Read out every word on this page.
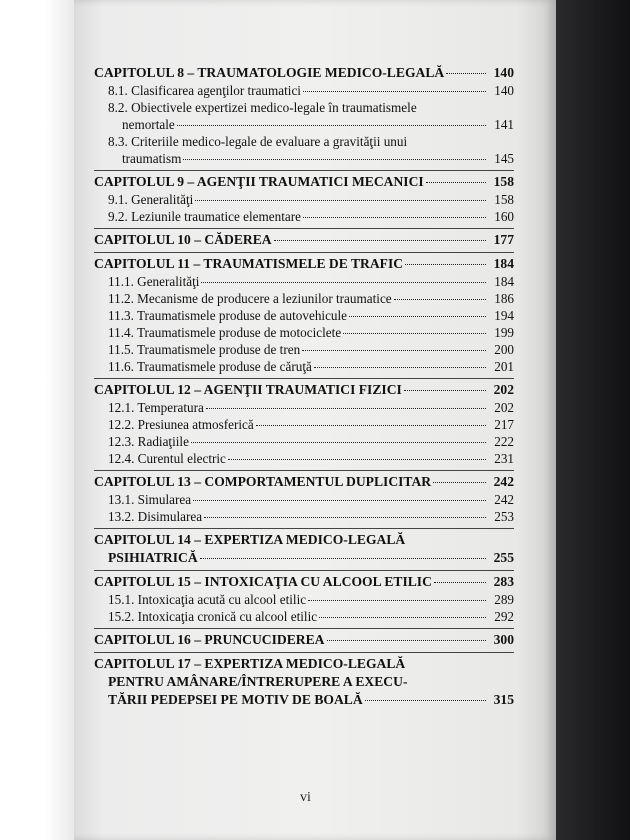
CAPITOLUL 8 – TRAUMATOLOGIE MEDICO-LEGALĂ	140
8.1. Clasificarea agenţilor traumatici	140
8.2. Obiectivele expertizei medico-legale în traumatismele
nemortale	141
8.3. Criteriile medico-legale de evaluare a gravităţii unui
traumatism	145
CAPITOLUL 9 – AGENŢII TRAUMATICI MECANICI	158
9.1. Generalităţi	158
9.2. Leziunile traumatice elementare	160
CAPITOLUL 10 – CĂDEREA	177
CAPITOLUL 11 – TRAUMATISMELE DE TRAFIC	184
11.1. Generalităţi	184
11.2. Mecanisme de producere a leziunilor traumatice	186
11.3. Traumatismele produse de autovehicule	194
11.4. Traumatismele produse de motociclete	199
11.5. Traumatismele produse de tren	200
11.6. Traumatismele produse de căruţă	201
CAPITOLUL 12 – AGENŢII TRAUMATICI FIZICI	202
12.1. Temperatura	202
12.2. Presiunea atmosferică	217
12.3. Radiaţiile	222
12.4. Curentul electric	231
CAPITOLUL 13 – COMPORTAMENTUL DUPLICITAR	242
13.1. Simularea	242
13.2. Disimularea	253
CAPITOLUL 14 – EXPERTIZA MEDICO-LEGALĂ
PSIHIATRICĂ	255
CAPITOLUL 15 – INTOXICAŢIA CU ALCOOL ETILIC	283
15.1. Intoxicaţia acută cu alcool etilic	289
15.2. Intoxicaţia cronică cu alcool etilic	292
CAPITOLUL 16 – PRUNCUCIDEREA	300
CAPITOLUL 17 – EXPERTIZA MEDICO-LEGALĂ
PENTRU AMÂNARE/ÎNTRERUPERE A EXECU-
TĂRII PEDEPSEI PE MOTIV DE BOALĂ	315
vi
